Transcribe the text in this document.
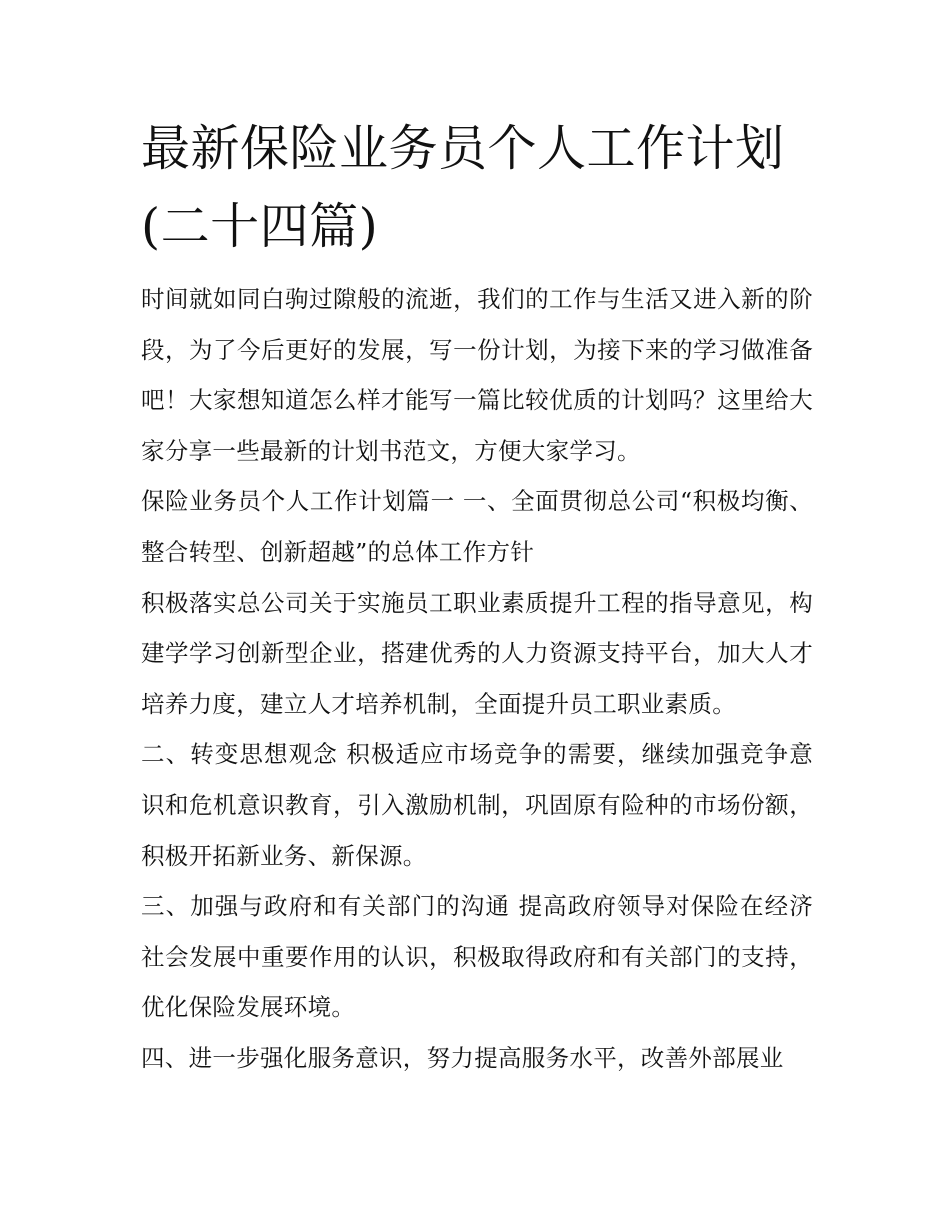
最新保险业务员个人工作计划
(二十四篇)

时间就如同白驹过隙般的流逝，我们的工作与生活又进入新的阶段，为了今后更好的发展，写一份计划，为接下来的学习做准备吧！大家想知道怎么样才能写一篇比较优质的计划吗？这里给大家分享一些最新的计划书范文，方便大家学习。

保险业务员个人工作计划篇一 一、全面贯彻总公司“积极均衡、整合转型、创新超越”的总体工作方针

积极落实总公司关于实施员工职业素质提升工程的指导意见，构建学学习创新型企业，搭建优秀的人力资源支持平台，加大人才培养力度，建立人才培养机制，全面提升员工职业素质。

二、转变思想观念 积极适应市场竞争的需要，继续加强竞争意识和危机意识教育，引入激励机制，巩固原有险种的市场份额，积极开拓新业务、新保源。

三、加强与政府和有关部门的沟通 提高政府领导对保险在经济社会发展中重要作用的认识，积极取得政府和有关部门的支持，优化保险发展环境。

四、进一步强化服务意识，努力提高服务水平，改善外部展业
